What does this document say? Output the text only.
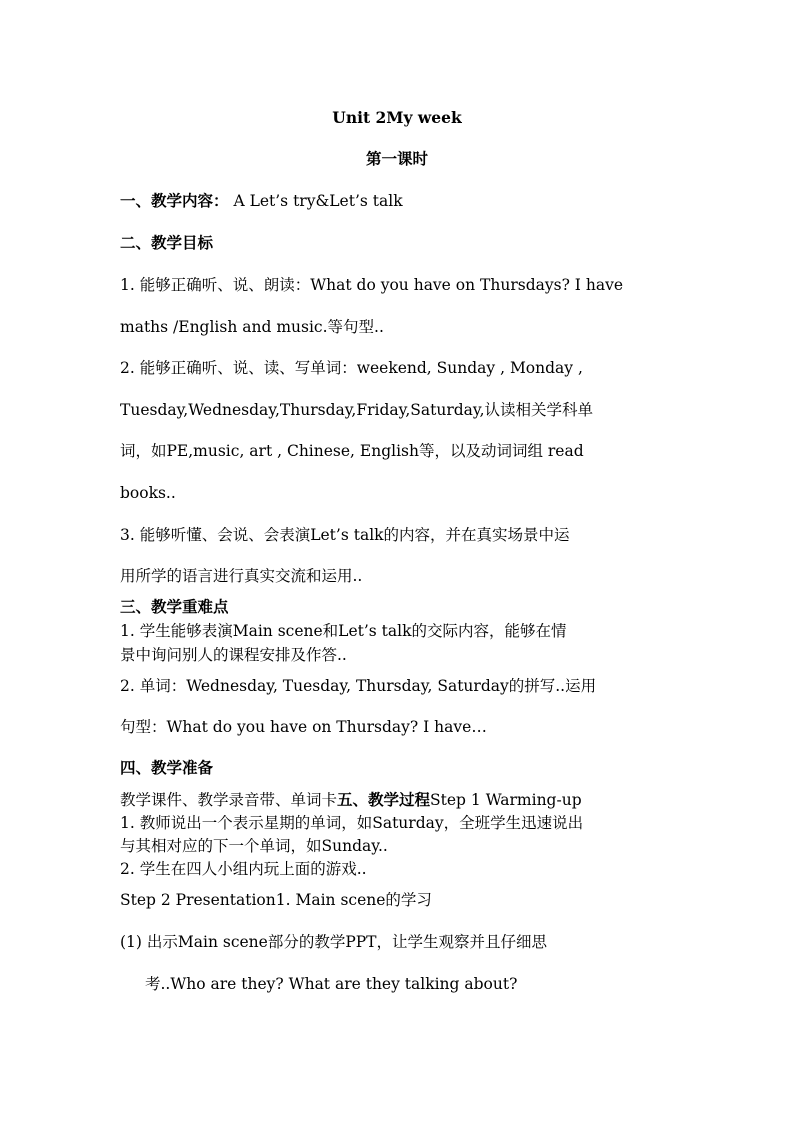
Unit 2My week
第一课时
一、教学内容： A Let’s try&Let’s talk
二、教学目标
1. 能够正确听、说、朗读：What do you have on Thursdays? I have
maths /English and music.等句型..
2. 能够正确听、说、读、写单词：weekend, Sunday , Monday ,
Tuesday,Wednesday,Thursday,Friday,Saturday,认读相关学科单
词，如PE,music, art , Chinese, English等，以及动词词组 read
books..
3. 能够听懂、会说、会表演Let’s talk的内容，并在真实场景中运
用所学的语言进行真实交流和运用..
三、教学重难点
1. 学生能够表演Main scene和Let’s talk的交际内容，能够在情
景中询问别人的课程安排及作答..
2. 单词：Wednesday, Tuesday, Thursday, Saturday的拼写..运用
句型：What do you have on Thursday? I have…
四、教学准备
教学课件、教学录音带、单词卡五、教学过程Step 1 Warming-up
1. 教师说出一个表示星期的单词，如Saturday，全班学生迅速说出
与其相对应的下一个单词，如Sunday..
2. 学生在四人小组内玩上面的游戏..
Step 2 Presentation1. Main scene的学习
(1) 出示Main scene部分的教学PPT，让学生观察并且仔细思
考..Who are they? What are they talking about?
